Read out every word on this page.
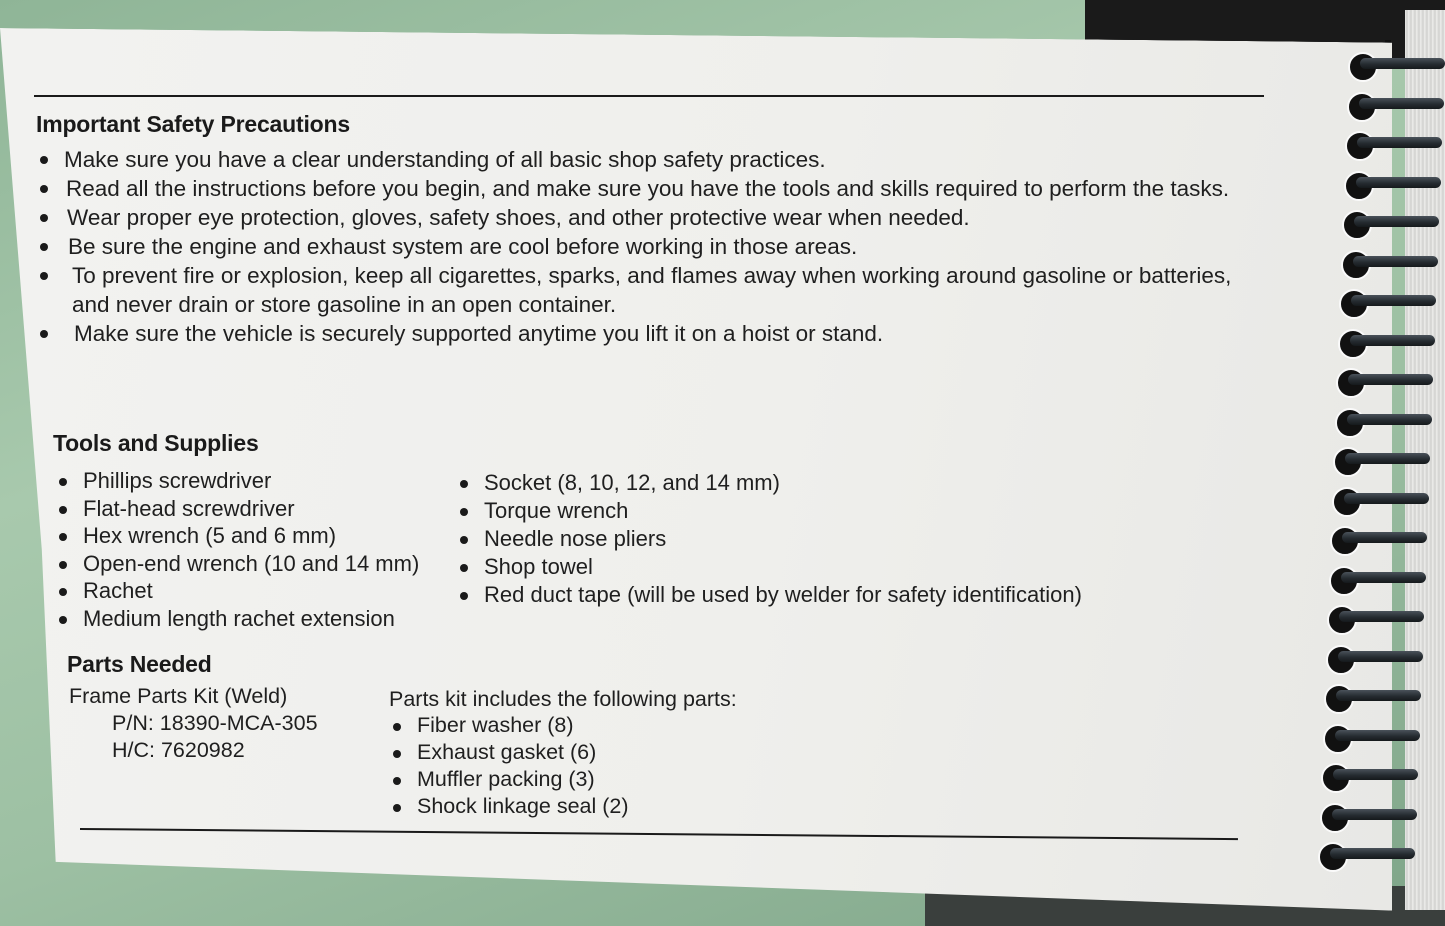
Important Safety Precautions
Make sure you have a clear understanding of all basic shop safety practices.
Read all the instructions before you begin, and make sure you have the tools and skills required to perform the tasks.
Wear proper eye protection, gloves, safety shoes, and other protective wear when needed.
Be sure the engine and exhaust system are cool before working in those areas.
To prevent fire or explosion, keep all cigarettes, sparks, and flames away when working around gasoline or batteries, and never drain or store gasoline in an open container.
Make sure the vehicle is securely supported anytime you lift it on a hoist or stand.
Tools and Supplies
Phillips screwdriver
Flat-head screwdriver
Hex wrench (5 and 6 mm)
Open-end wrench (10 and 14 mm)
Rachet
Medium length rachet extension
Socket (8, 10, 12, and 14 mm)
Torque wrench
Needle nose pliers
Shop towel
Red duct tape (will be used by welder for safety identification)
Parts Needed
Frame Parts Kit (Weld)
P/N: 18390-MCA-305
H/C: 7620982
Parts kit includes the following parts:
Fiber washer (8)
Exhaust gasket (6)
Muffler packing (3)
Shock linkage seal (2)
